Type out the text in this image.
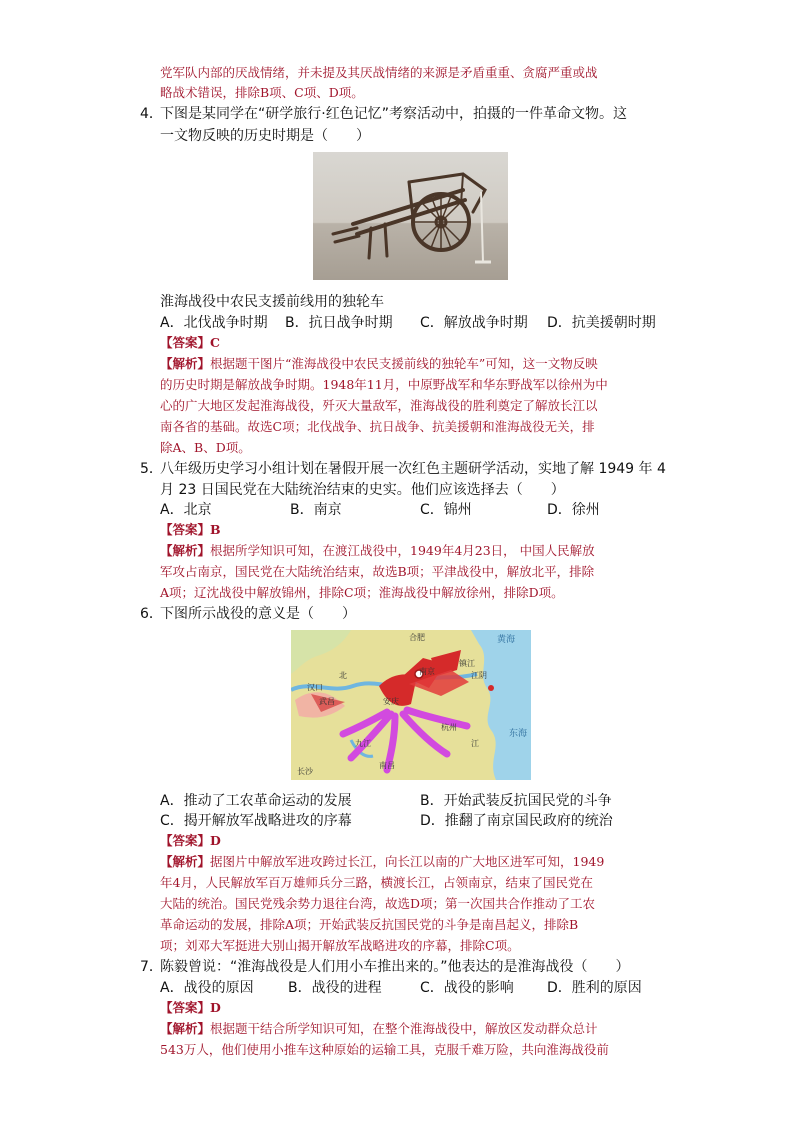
党军队内部的厌战情绪，并未提及其厌战情绪的来源是矛盾重重、贪腐严重或战
略战术错误，排除B项、C项、D项。
4．
下图是某同学在“研学旅行·红色记忆”考察活动中，拍摄的一件革命文物。这
一文物反映的历史时期是（　　）
淮海战役中农民支援前线用的独轮车
A．北伐战争时期 B．抗日战争时期 C．解放战争时期 D．抗美援朝时期
【答案】C
【解析】根据题干图片“淮海战役中农民支援前线的独轮车”可知，这一文物反映
的历史时期是解放战争时期。1948年11月，中原野战军和华东野战军以徐州为中
心的广大地区发起淮海战役，歼灭大量敌军，淮海战役的胜利奠定了解放长江以
南各省的基础。故选C项；北伐战争、抗日战争、抗美援朝和淮海战役无关，排
除A、B、D项。
5．
八年级历史学习小组计划在暑假开展一次红色主题研学活动，实地了解 1949 年 4
月 23 日国民党在大陆统治结束的史实。他们应该选择去（　　）
A．北京	B．南京	C．锦州	D．徐州
【答案】B
【解析】根据所学知识可知，在渡江战役中，1949年4月23日， 中国人民解放
军攻占南京，国民党在大陆统治结束，故选B项；平津战役中，解放北平，排除
A项；辽沈战役中解放锦州，排除C项；淮海战役中解放徐州，排除D项。
6．
下图所示战役的意义是（　　）
合肥
南京
镇江
江阴
汉口
武昌
九江
杭州
南昌
长沙
安庆
黄海
东海
江
北
A．推动了工农革命运动的发展	B．开始武装反抗国民党的斗争
C．揭开解放军战略进攻的序幕	D．推翻了南京国民政府的统治
【答案】D
【解析】据图片中解放军进攻跨过长江，向长江以南的广大地区进军可知，1949
年4月，人民解放军百万雄师兵分三路，横渡长江，占领南京，结束了国民党在
大陆的统治。国民党残余势力退往台湾，故选D项；第一次国共合作推动了工农
革命运动的发展，排除A项；开始武装反抗国民党的斗争是南昌起义，排除B
项；刘邓大军挺进大别山揭开解放军战略进攻的序幕，排除C项。
7．
陈毅曾说：“淮海战役是人们用小车推出来的。”他表达的是淮海战役（　　）
A．战役的原因 B．战役的进程	C．战役的影响 D．胜利的原因
【答案】D
【解析】根据题干结合所学知识可知，在整个淮海战役中，解放区发动群众总计
543万人，他们使用小推车这种原始的运输工具，克服千难万险，共向淮海战役前
